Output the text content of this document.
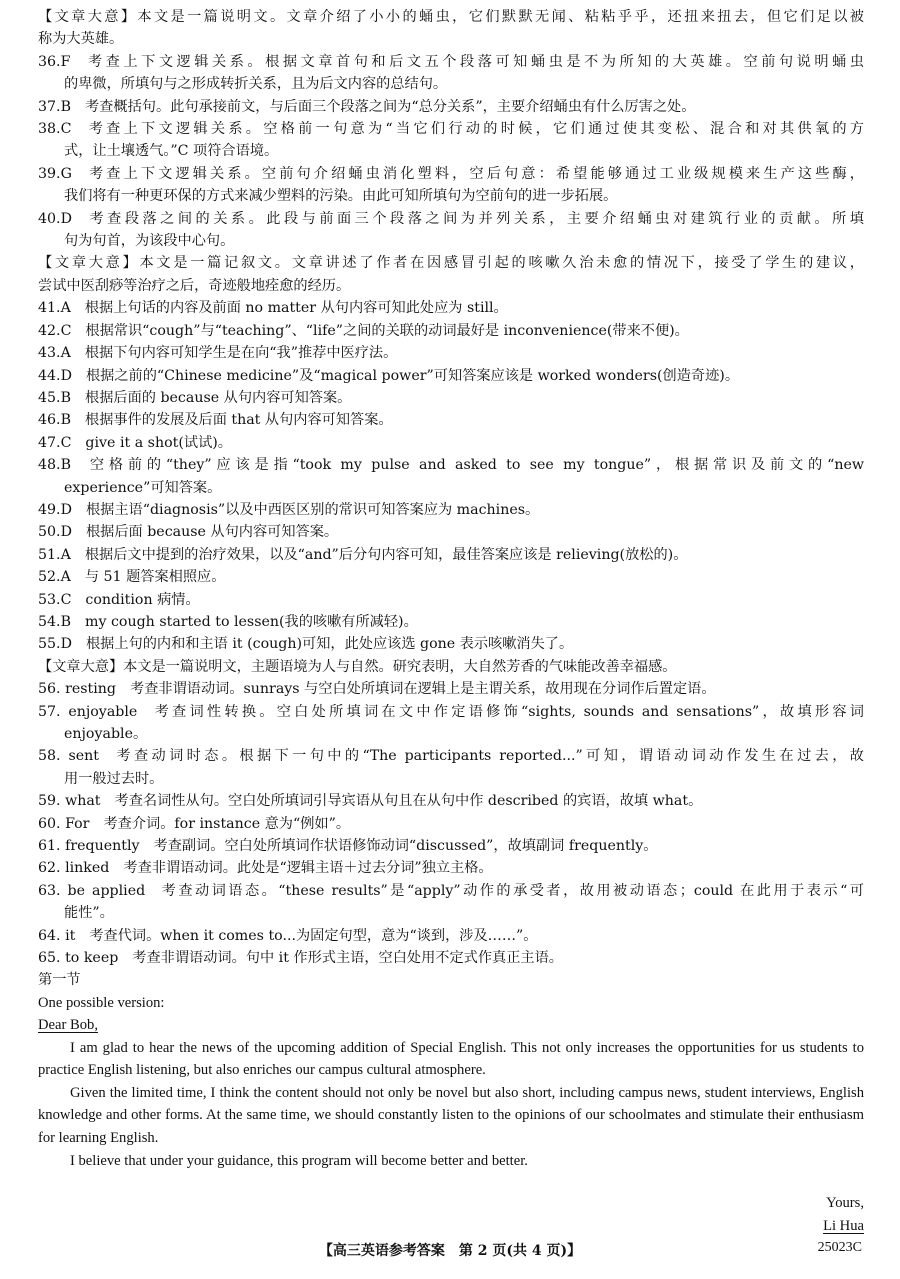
【文章大意】本文是一篇说明文。文章介绍了小小的蛹虫，它们默默无闻、粘粘乎乎，还扭来扭去，但它们足以被
称为大英雄。
36.F 考查上下文逻辑关系。根据文章首句和后文五个段落可知蛹虫是不为所知的大英雄。空前句说明蛹虫
的卑微，所填句与之形成转折关系，且为后文内容的总结句。
37.B 考查概括句。此句承接前文，与后面三个段落之间为“总分关系”，主要介绍蛹虫有什么厉害之处。
38.C 考查上下文逻辑关系。空格前一句意为“当它们行动的时候，它们通过使其变松、混合和对其供氧的方
式，让土壤透气。”C 项符合语境。
39.G 考查上下文逻辑关系。空前句介绍蛹虫消化塑料，空后句意：希望能够通过工业级规模来生产这些酶，
我们将有一种更环保的方式来减少塑料的污染。由此可知所填句为空前句的进一步拓展。
40.D 考查段落之间的关系。此段与前面三个段落之间为并列关系，主要介绍蛹虫对建筑行业的贡献。所填
句为句首，为该段中心句。
【文章大意】本文是一篇记叙文。文章讲述了作者在因感冒引起的咳嗽久治未愈的情况下，接受了学生的建议，
尝试中医刮痧等治疗之后，奇迹般地痊愈的经历。
41.A 根据上句话的内容及前面 no matter 从句内容可知此处应为 still。
42.C 根据常识“cough”与“teaching”、“life”之间的关联的动词最好是 inconvenience(带来不便)。
43.A 根据下句内容可知学生是在向“我”推荐中医疗法。
44.D 根据之前的“Chinese medicine”及“magical power”可知答案应该是 worked wonders(创造奇迹)。
45.B 根据后面的 because 从句内容可知答案。
46.B 根据事件的发展及后面 that 从句内容可知答案。
47.C give it a shot(试试)。
48.B 空格前的“they”应该是指“took my pulse and asked to see my tongue”，根据常识及前文的“new
experience”可知答案。
49.D 根据主语“diagnosis”以及中西医区别的常识可知答案应为 machines。
50.D 根据后面 because 从句内容可知答案。
51.A 根据后文中提到的治疗效果，以及“and”后分句内容可知，最佳答案应该是 relieving(放松的)。
52.A 与 51 题答案相照应。
53.C condition 病情。
54.B my cough started to lessen(我的咳嗽有所减轻)。
55.D 根据上句的内和和主语 it (cough)可知，此处应该选 gone 表示咳嗽消失了。
【文章大意】本文是一篇说明文，主题语境为人与自然。研究表明，大自然芳香的气味能改善幸福感。
56. resting 考查非谓语动词。sunrays 与空白处所填词在逻辑上是主谓关系，故用现在分词作后置定语。
57. enjoyable 考查词性转换。空白处所填词在文中作定语修饰“sights, sounds and sensations”，故填形容词
enjoyable。
58. sent 考查动词时态。根据下一句中的“The participants reported...”可知，谓语动词动作发生在过去，故
用一般过去时。
59. what 考查名词性从句。空白处所填词引导宾语从句且在从句中作 described 的宾语，故填 what。
60. For 考查介词。for instance 意为“例如”。
61. frequently 考查副词。空白处所填词作状语修饰动词“discussed”，故填副词 frequently。
62. linked 考查非谓语动词。此处是“逻辑主语＋过去分词”独立主格。
63. be applied 考查动词语态。“these results”是“apply”动作的承受者，故用被动语态；could 在此用于表示“可
能性”。
64. it 考查代词。when it comes to...为固定句型，意为“谈到，涉及……”。
65. to keep 考查非谓语动词。句中 it 作形式主语，空白处用不定式作真正主语。
第一节
One possible version:
Dear Bob,
I am glad to hear the news of the upcoming addition of Special English. This not only increases the opportunities for us students to practice English listening, but also enriches our campus cultural atmosphere.
Given the limited time, I think the content should not only be novel but also short, including campus news, student interviews, English knowledge and other forms. At the same time, we should constantly listen to the opinions of our schoolmates and stimulate their enthusiasm for learning English.
I believe that under your guidance, this program will become better and better.
Yours,
Li Hua
【高三英语参考答案　第 2 页(共 4 页)】	25023C
